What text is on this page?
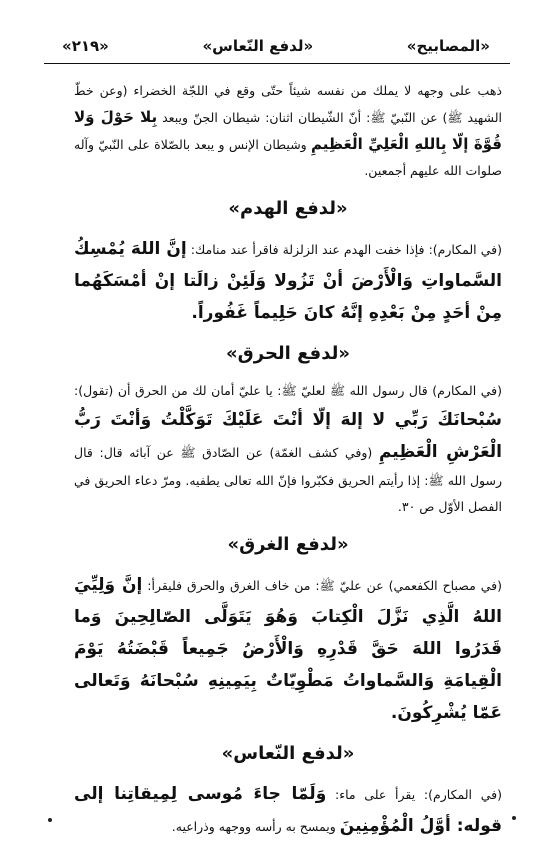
«٢١٩»	«لدفع النّعاس»	«المصابيح»

ذهب على وجهه لا يملك من نفسه شيئاً حتّى وقع في اللجّة الخضراء (وعن خطّ الشهيد ﷺ) عن النّبيّ ﷺ: أنّ الشّيطان اثنان: شيطان الجنّ ويبعد بِلا حَوْلَ وَلا قُوَّةَ إلّا بِاللهِ الْعَلِيِّ الْعَظِيمِ وشيطان الإنس و يبعد بالصّلاة على النّبيّ وآله صلوات الله عليهم أجمعين.

«لدفع الهدم»

(في المكارم): فإذا خفت الهدم عند الزلزلة فاقرأ عند منامك: إنَّ اللهَ يُمْسِكُ السَّماواتِ وَالْأَرْضَ أنْ تَزُولا وَلَئِنْ زالَتا إنْ أمْسَكَهُما مِنْ أحَدٍ مِنْ بَعْدِهِ إنَّهُ كانَ حَلِيماً غَفُوراً.

«لدفع الحرق»

(في المكارم) قال رسول الله ﷺ لعليّ ﷺ: يا عليّ أمان لك من الحرق أن (تقول): سُبْحانَكَ رَبِّي لا إلهَ إلّا أنْتَ عَلَيْكَ تَوَكَّلْتُ وَأنْتَ رَبُّ الْعَرْشِ الْعَظِيمِ (وفي كشف الغمّة) عن الصّادق ﷺ عن آبائه قال: قال رسول الله ﷺ: إذا رأيتم الحريق فكبّروا فإنّ الله تعالى يطفيه. ومرّ دعاء الحريق في الفصل الأوّل ص ٣٠.

«لدفع الغرق»

(في مصباح الكفعمي) عن عليّ ﷺ: من خاف الغرق والحرق فليقرأ: إنَّ وَلِيِّيَ اللهُ الَّذِي نَزَّلَ الْكِتابَ وَهُوَ يَتَوَلَّى الصّالِحِينَ وَما قَدَرُوا اللهَ حَقَّ قَدْرِهِ وَالْأَرْضُ جَمِيعاً قَبْضَتُهُ يَوْمَ الْقِيامَةِ وَالسَّماواتُ مَطْوِيّاتٌ بِيَمِينِهِ سُبْحانَهُ وَتَعالى عَمّا يُشْرِكُونَ.

«لدفع النّعاس»

(في المكارم): يقرأ على ماء: وَلَمّا جاءَ مُوسى لِمِيقاتِنا إلى قوله: أوَّلُ الْمُؤْمِنِينَ ويمسح به رأسه ووجهه وذراعيه.
